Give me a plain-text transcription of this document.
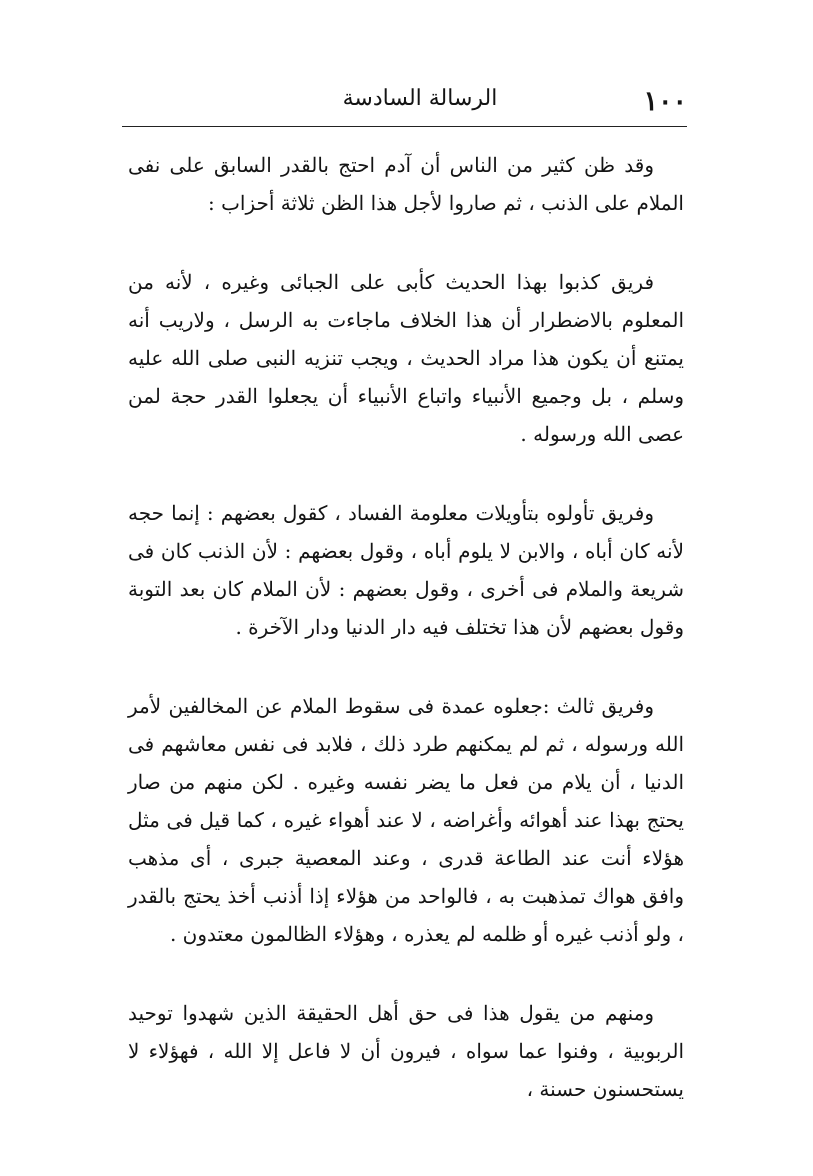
١٠٠
الرسالة السادسة

وقد ظن كثير من الناس أن آدم احتج بالقدر السابق على نفى الملام على الذنب ، ثم صاروا لأجل هذا الظن ثلاثة أحزاب :

فريق كذبوا بهذا الحديث كأبى على الجبائى وغيره ، لأنه من المعلوم بالاضطرار أن هذا الخلاف ماجاءت به الرسل ، ولاريب أنه يمتنع أن يكون هذا مراد الحديث ، ويجب تنزيه النبى صلى الله عليه وسلم ، بل وجميع الأنبياء واتباع الأنبياء أن يجعلوا القدر حجة لمن عصى الله ورسوله .

وفريق تأولوه بتأويلات معلومة الفساد ، كقول بعضهم : إنما حجه لأنه كان أباه ، والابن لا يلوم أباه ، وقول بعضهم : لأن الذنب كان فى شريعة والملام فى أخرى ، وقول بعضهم : لأن الملام كان بعد التوبة وقول بعضهم لأن هذا تختلف فيه دار الدنيا ودار الآخرة .

وفريق ثالث :جعلوه عمدة فى سقوط الملام عن المخالفين لأمر الله ورسوله ، ثم لم يمكنهم طرد ذلك ، فلابد فى نفس معاشهم فى الدنيا ، أن يلام من فعل ما يضر نفسه وغيره . لكن منهم من صار يحتج بهذا عند أهوائه وأغراضه ، لا عند أهواء غيره ، كما قيل فى مثل هؤلاء أنت عند الطاعة قدرى ، وعند المعصية جبرى ، أى مذهب وافق هواك تمذهبت به ، فالواحد من هؤلاء إذا أذنب أخذ يحتج بالقدر ، ولو أذنب غيره أو ظلمه لم يعذره ، وهؤلاء الظالمون معتدون .

ومنهم من يقول هذا فى حق أهل الحقيقة الذين شهدوا توحيد الربوبية ، وفنوا عما سواه ، فيرون أن لا فاعل إلا الله ، فهؤلاء لا يستحسنون حسنة ،
